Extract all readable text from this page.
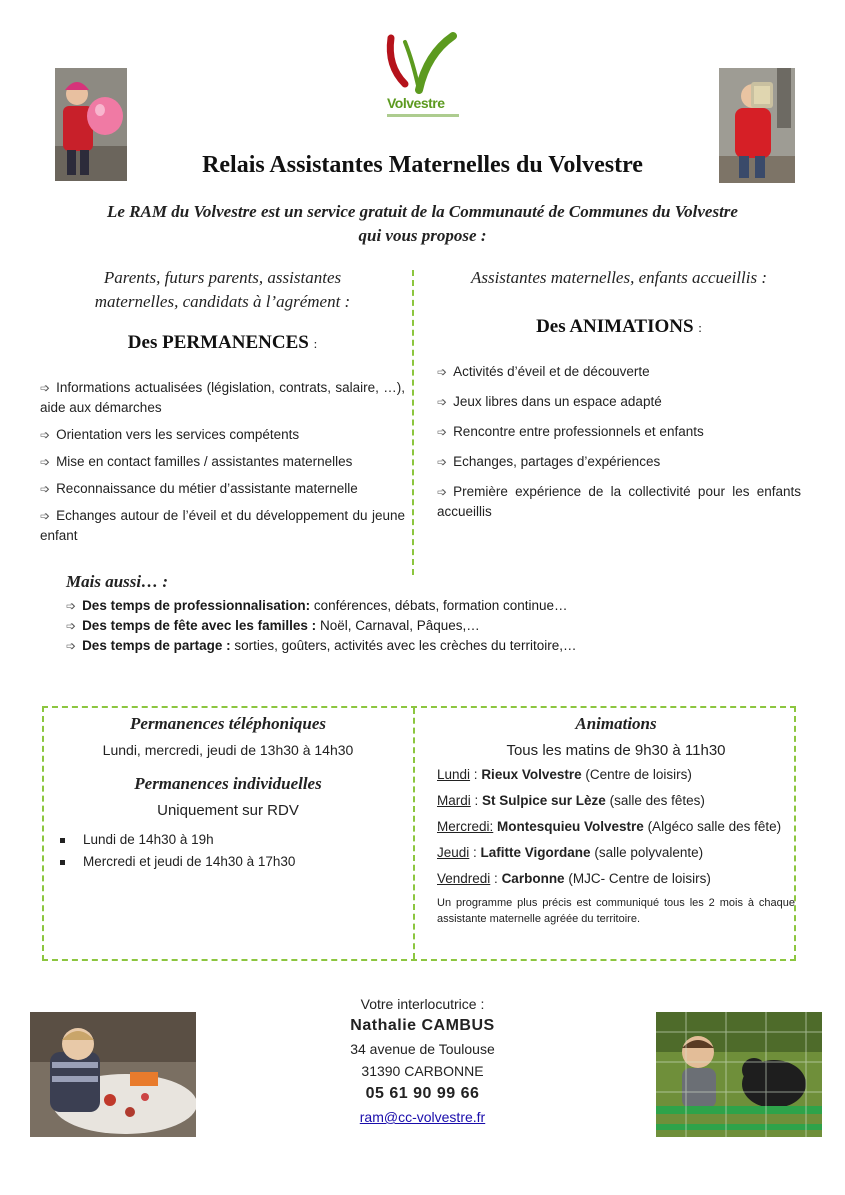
Volvestre
Relais Assistantes Maternelles du Volvestre
Le RAM du Volvestre est un service gratuit de la Communauté de Communes du Volvestre
qui vous propose :
Parents, futurs parents, assistantes maternelles, candidats à l’agrément :
Des PERMANENCES :
➩ Informations actualisées (législation, contrats, salaire, …), aide aux démarches
➩ Orientation vers les services compétents
➩ Mise en contact familles / assistantes maternelles
➩ Reconnaissance du métier d’assistante maternelle
➩ Echanges autour de l’éveil et du développement du jeune enfant
Assistantes maternelles, enfants accueillis :
Des ANIMATIONS :
➩ Activités d’éveil et de découverte
➩ Jeux libres dans un espace adapté
➩ Rencontre entre professionnels et enfants
➩ Echanges, partages d’expériences
➩ Première expérience de la collectivité pour les enfants accueillis
Mais aussi… :
➩ Des temps de professionnalisation: conférences, débats, formation continue…
➩ Des temps de fête avec les familles : Noël, Carnaval, Pâques,…
➩ Des temps de partage : sorties, goûters, activités avec les crèches du territoire,…
Permanences téléphoniques
Lundi, mercredi, jeudi de 13h30 à 14h30
Permanences individuelles
Uniquement sur RDV
Lundi de 14h30 à 19h
Mercredi et jeudi de 14h30 à 17h30
Animations
Tous les matins de 9h30 à 11h30
Lundi : Rieux Volvestre (Centre de loisirs)
Mardi : St Sulpice sur Lèze (salle des fêtes)
Mercredi: Montesquieu Volvestre (Algéco salle des fête)
Jeudi : Lafitte Vigordane (salle polyvalente)
Vendredi : Carbonne (MJC- Centre de loisirs)
Un programme plus précis est communiqué tous les 2 mois à chaque assistante maternelle agréée du territoire.
Votre interlocutrice :
Nathalie CAMBUS
34 avenue de Toulouse
31390 CARBONNE
05 61 90 99 66
ram@cc-volvestre.fr
